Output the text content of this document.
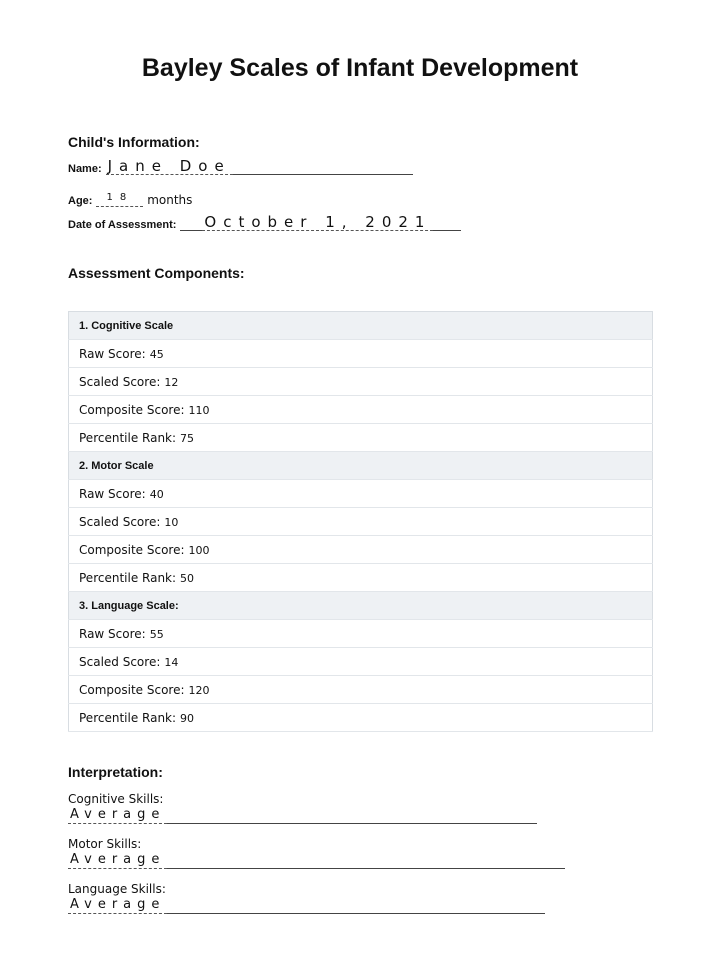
Bayley Scales of Infant Development
Child's Information:
Name: Jane Doe
Age:	18	months
Date of Assessment: October 1, 2021
Assessment Components:
1. Cognitive Scale
Raw Score: 45
Scaled Score: 12
Composite Score: 110
Percentile Rank: 75
2. Motor Scale
Raw Score: 40
Scaled Score: 10
Composite Score: 100
Percentile Rank: 50
3. Language Scale:
Raw Score: 55
Scaled Score: 14
Composite Score: 120
Percentile Rank: 90
Interpretation:
Cognitive Skills:
Average
Motor Skills:
Average
Language Skills:
Average
